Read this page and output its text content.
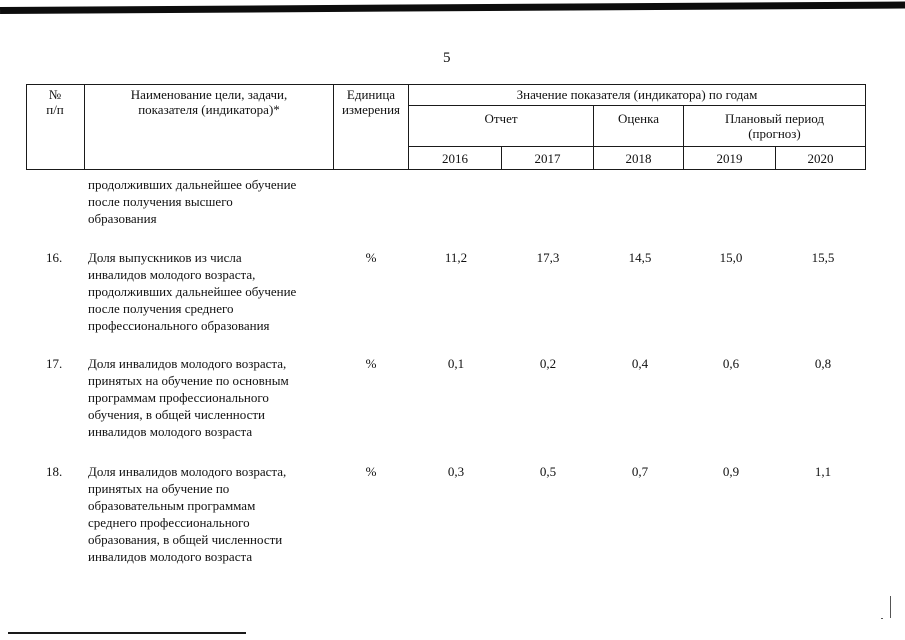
5
№
п/п
Наименование цели, задачи,
показателя (индикатора)*
Единица
измерения
Значение показателя (индикатора) по годам
Отчет	Оценка	Плановый период
(прогноз)
2016	2017	2018	2019	2020
продолживших дальнейшее обучение
после получения высшего
образования
16. Доля выпускников из числа
инвалидов молодого возраста,
продолживших дальнейшее обучение
после получения среднего
профессионального образования
%	11,2	17,3	14,5	15,0	15,5
17. Доля инвалидов молодого возраста,
принятых на обучение по основным
программам профессионального
обучения, в общей численности
инвалидов молодого возраста
%	0,1	0,2	0,4	0,6	0,8
18. Доля инвалидов молодого возраста,
принятых на обучение по
образовательным программам
среднего профессионального
образования, в общей численности
инвалидов молодого возраста
%	0,3	0,5	0,7	0,9	1,1
